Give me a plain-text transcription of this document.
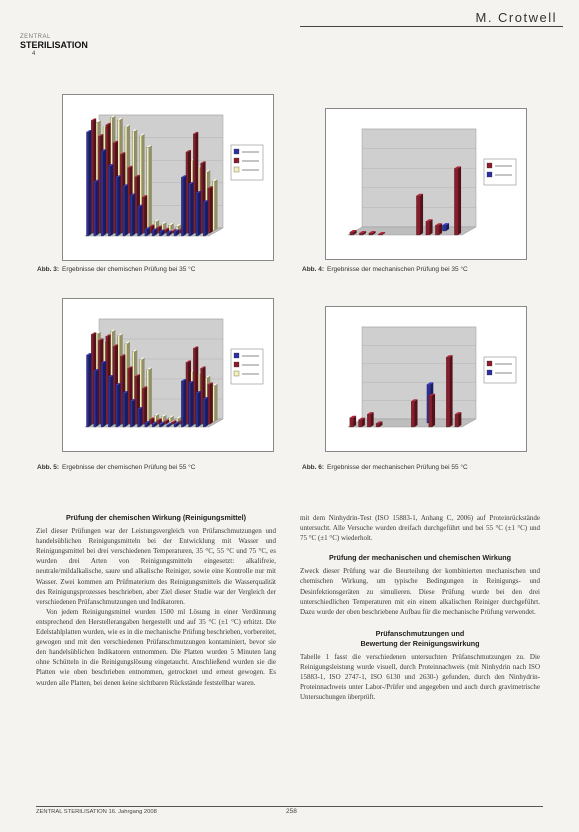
M. Crotwell
ZENTRAL
STERILISATION
4
Abb. 3: Ergebnisse der chemischen Prüfung bei 35 °C	Abb. 4: Ergebnisse der mechanischen Prüfung bei 35 °C
Abb. 5: Ergebnisse der chemischen Prüfung bei 55 °C	Abb. 6: Ergebnisse der mechanischen Prüfung bei 55 °C
Prüfung der chemischen Wirkung (Reinigungsmittel)

Ziel dieser Prüfungen war der Leistungsvergleich von Prüfanschmutzungen und handelsüblichen Reinigungsmitteln bei der Entwicklung mit Wasser und Reinigungsmittel bei drei verschiedenen Temperaturen, 35 °C, 55 °C und 75 °C, es wurden drei Arten von Reinigungsmitteln eingesetzt: alkalifreie, neutrale/mildalkalische, saure und alkalische Reiniger, sowie eine Kontrolle nur mit Wasser. Zwei kommen am Prüfmaterium des Reinigungsmittels die Wasserqualität des Reinigungsprozesses beschrieben, aber Ziel dieser Studie war der Vergleich der verschiedenen Prüfanschmutzungen und Indikatoren.

Von jedem Reinigungsmittel wurden 1500 ml Lösung in einer Verdünnung entsprechend den Herstellerangaben hergestellt und auf 35 °C (±1 °C) erhitzt. Die Edelstahlplatten wurden, wie es in die mechanische Prüfung beschrieben, vorbereitet, gewogen und mit den verschiedenen Prüfanschmutzungen kontaminiert, bevor sie den handelsüblichen Indikatoren entnommen. Die Platten wurden 5 Minuten lang ohne Schütteln in die Reinigungslösung eingetaucht. Anschließend wurden sie die Platten wie oben beschrieben entnommen, getrocknet und erneut gewogen. Es wurden alle Platten, bei denen keine sichtbaren Rückstände feststellbar waren.

mit dem Ninhydrin-Test (ISO 15883-1, Anhang C, 2006) auf Proteinrückstände untersucht. Alle Versuche wurden dreifach durchgeführt und bei 55 °C (±1 °C) und 75 °C (±1 °C) wiederholt.

Prüfung der mechanischen und chemischen Wirkung

Zweck dieser Prüfung war die Beurteilung der kombinierten mechanischen und chemischen Wirkung, um typische Bedingungen in Reinigungs- und Desinfektionsgeräten zu simulieren. Diese Prüfung wurde bei den drei unterschiedlichen Temperaturen mit ein einem alkalischen Reiniger durchgeführt. Dazu wurde der oben beschriebene Aufbau für die mechanische Prüfung verwendet.

Prüfanschmutzungen und
Bewertung der Reinigungswirkung

Tabelle 1 fasst die verschiedenen untersuchten Prüfanschmutzungen zu. Die Reinigungsleistung wurde visuell, durch Proteinnachweis (mit Ninhydrin nach ISO 15883-1, ISO 2747-1, ISO 6130 und 2630-) gefunden, durch den Ninhydrin-Proteinnachweis unter Labor-/Prüfer und angegeben und auch durch gravimetrische Untersuchungen überprüft.

ZENTRAL STERILISATION 16. Jahrgang 2008	258
